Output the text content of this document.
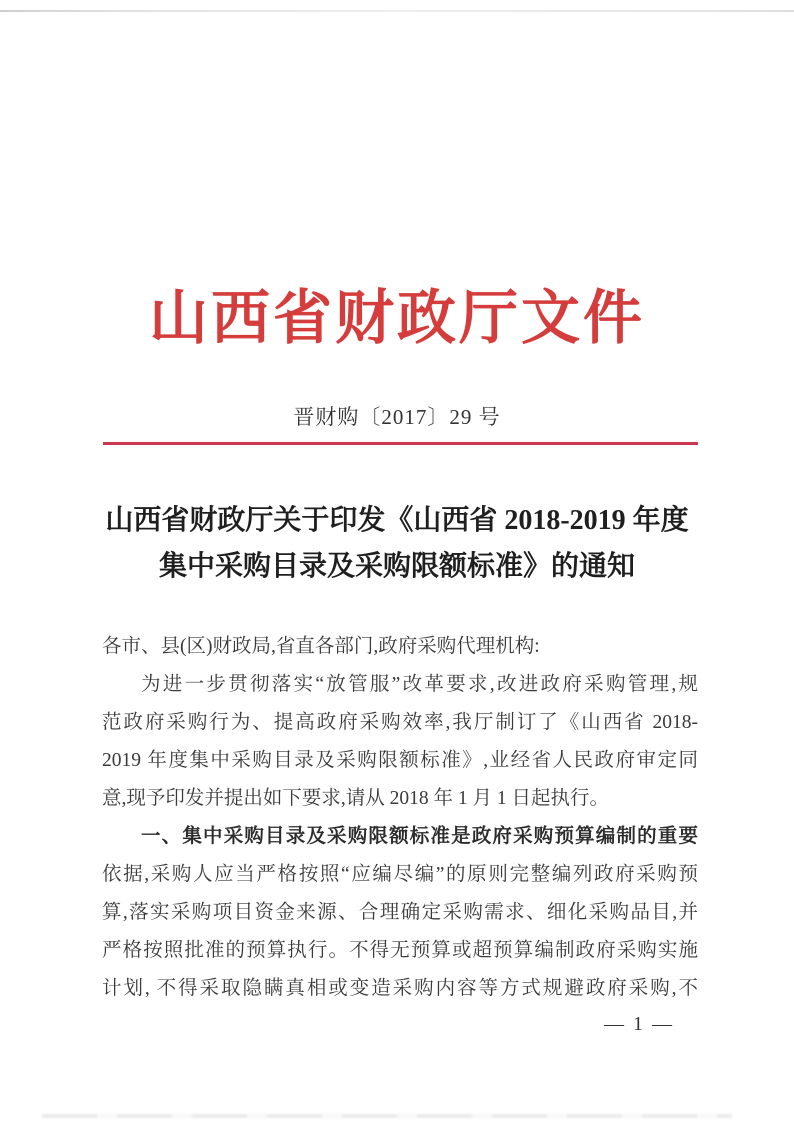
山西省财政厅文件
晋财购〔2017〕29 号
山西省财政厅关于印发《山西省 2018-2019 年度
集中采购目录及采购限额标准》的通知
各市、县(区)财政局,省直各部门,政府采购代理机构:
为进一步贯彻落实“放管服”改革要求,改进政府采购管理,规
范政府采购行为、提高政府采购效率,我厅制订了《山西省 2018-
2019 年度集中采购目录及采购限额标准》,业经省人民政府审定同
意,现予印发并提出如下要求,请从 2018 年 1 月 1 日起执行。
一、集中采购目录及采购限额标准是政府采购预算编制的重要
依据,采购人应当严格按照“应编尽编”的原则完整编列政府采购预
算,落实采购项目资金来源、合理确定采购需求、细化采购品目,并
严格按照批准的预算执行。不得无预算或超预算编制政府采购实施
计划, 不得采取隐瞒真相或变造采购内容等方式规避政府采购,不
— 1 —
